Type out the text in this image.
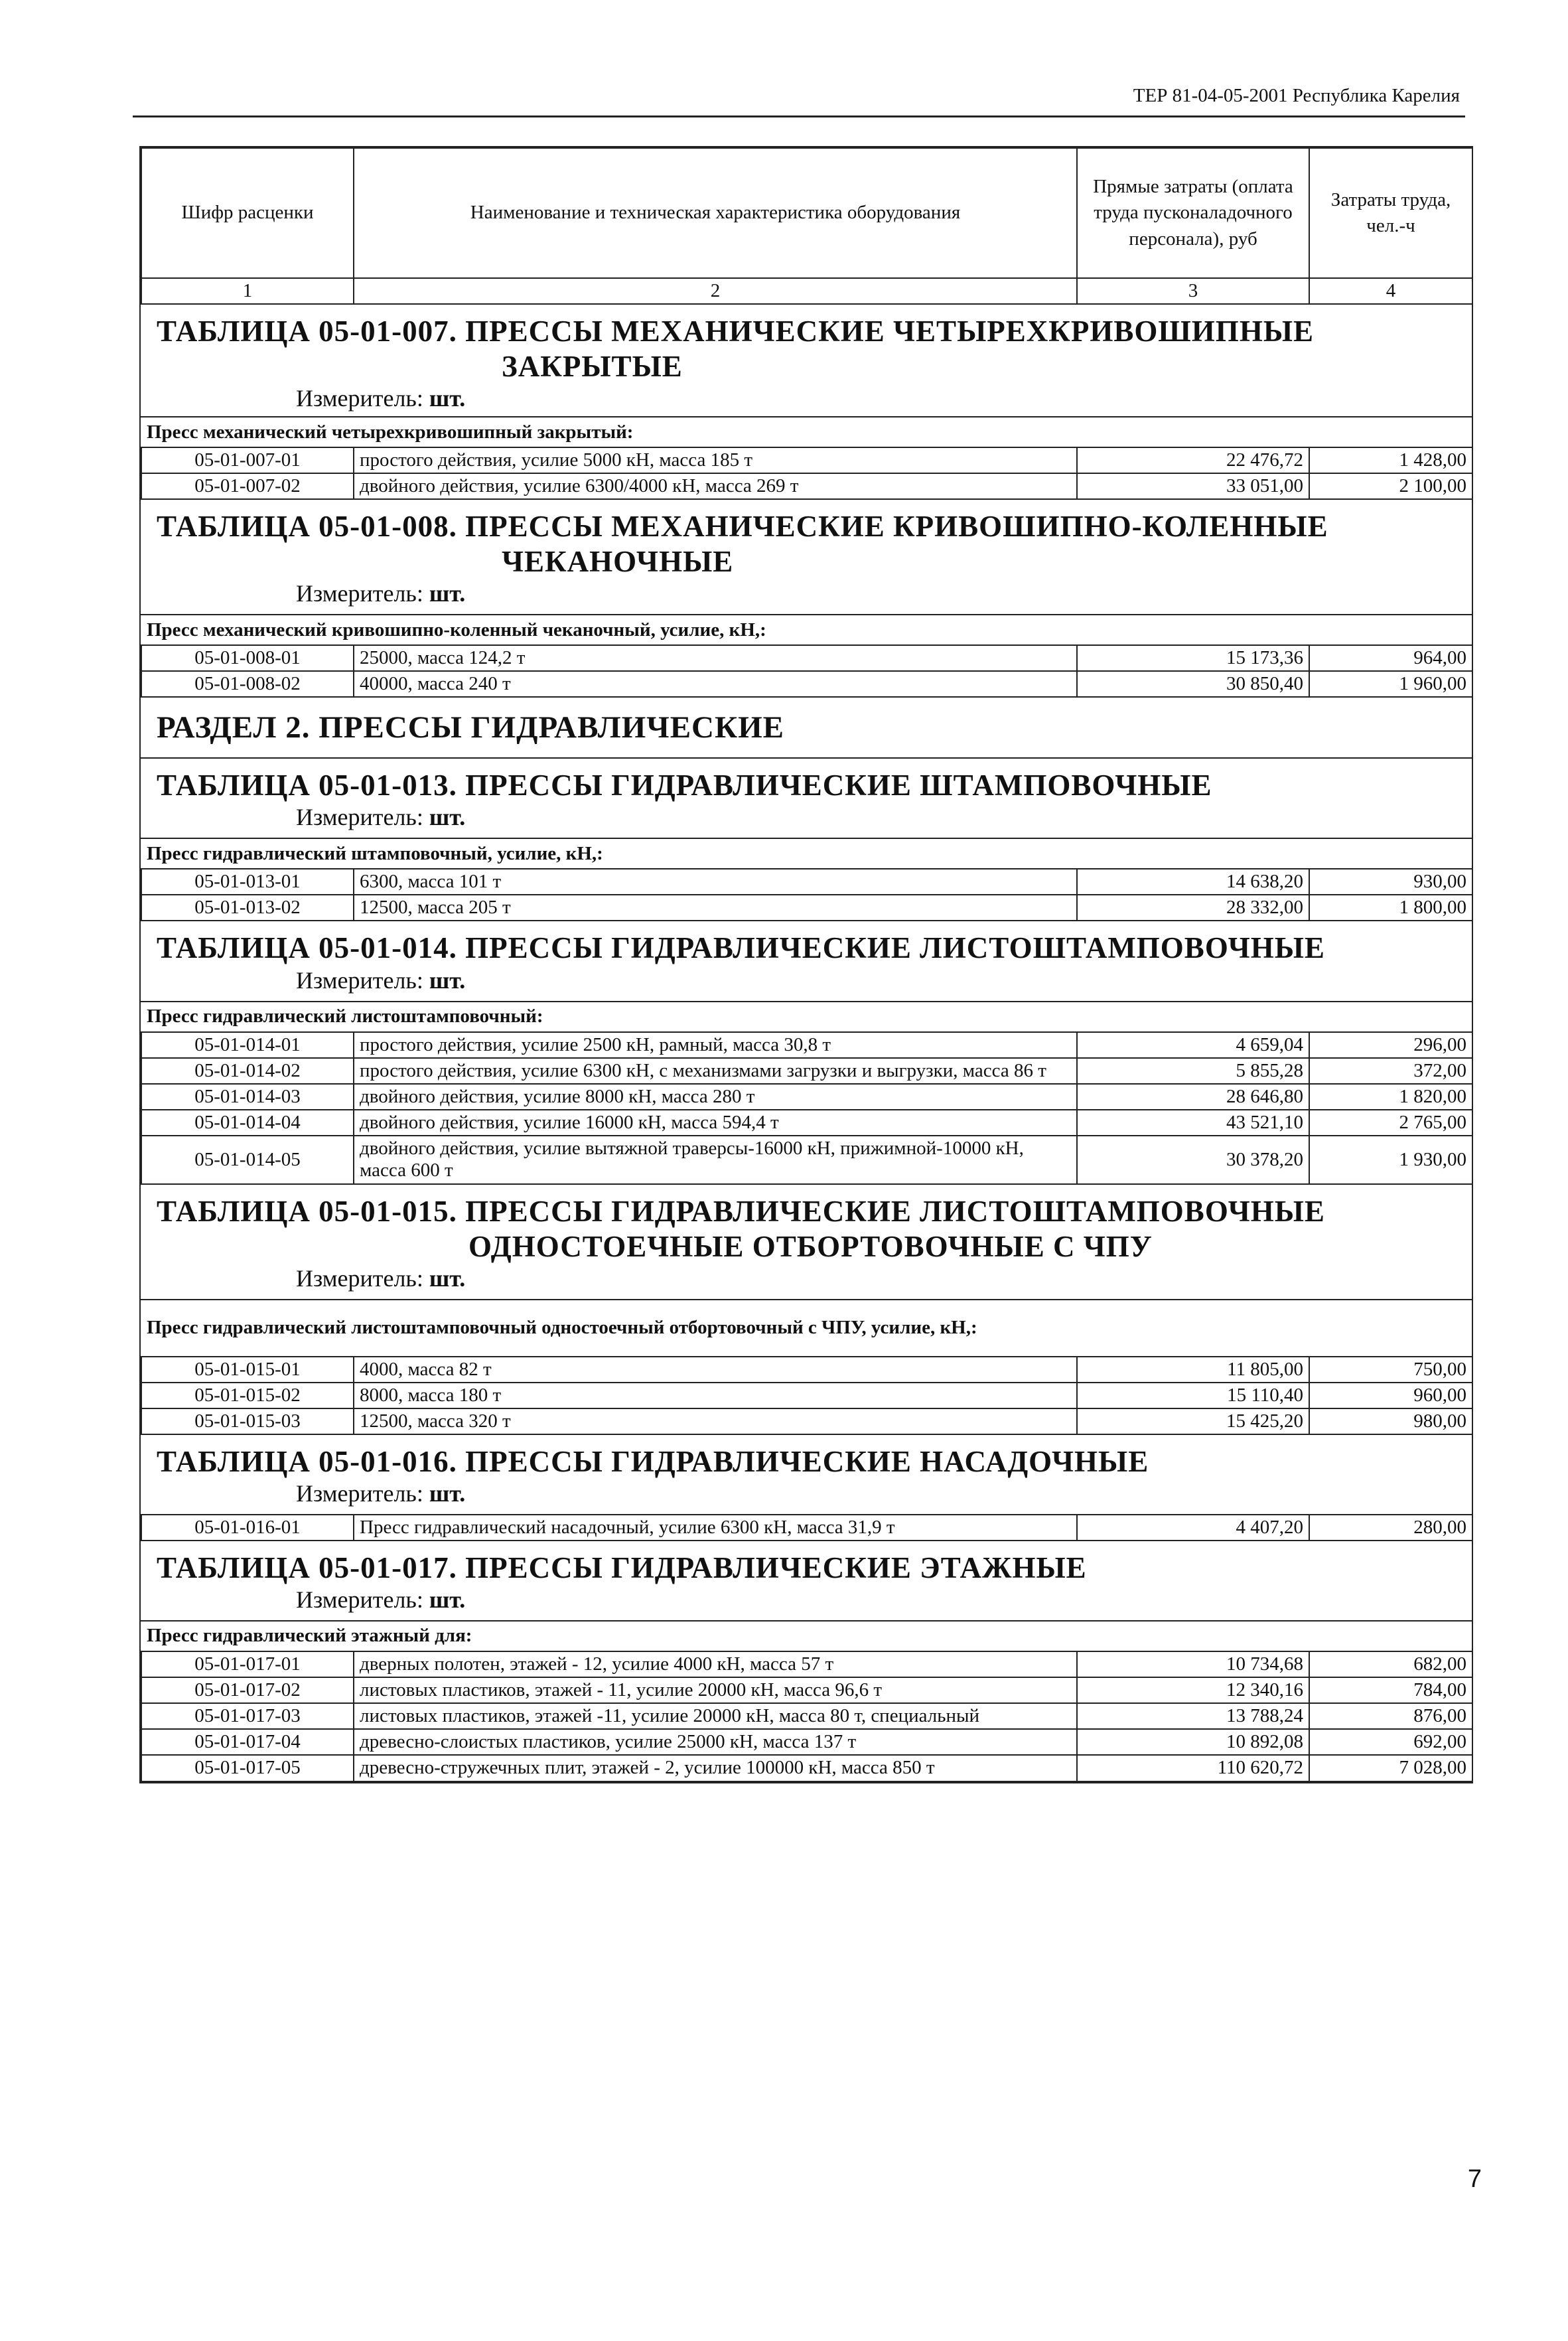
ТЕР 81-04-05-2001 Республика Карелия
Шифр расценки	Наименование и техническая характеристика оборудования	Прямые затраты (оплата труда пусконаладочного персонала), руб	Затраты труда, чел.-ч
1	2	3	4
ТАБЛИЦА 05-01-007. ПРЕССЫ МЕХАНИЧЕСКИЕ ЧЕТЫРЕХКРИВОШИПНЫЕ
ЗАКРЫТЫЕ
Измеритель: шт.
Пресс механический четырехкривошипный закрытый:			
05-01-007-01	простого действия, усилие 5000 кН, масса 185 т	22 476,72	1 428,00
05-01-007-02	двойного действия, усилие 6300/4000 кН, масса 269 т	33 051,00	2 100,00
ТАБЛИЦА 05-01-008. ПРЕССЫ МЕХАНИЧЕСКИЕ КРИВОШИПНО-КОЛЕННЫЕ
ЧЕКАНОЧНЫЕ
Измеритель: шт.
Пресс механический кривошипно-коленный чеканочный, усилие, кН,:			
05-01-008-01	25000, масса 124,2 т	15 173,36	964,00
05-01-008-02	40000, масса 240 т	30 850,40	1 960,00
РАЗДЕЛ 2. ПРЕССЫ ГИДРАВЛИЧЕСКИЕ
ТАБЛИЦА 05-01-013. ПРЕССЫ ГИДРАВЛИЧЕСКИЕ ШТАМПОВОЧНЫЕ
Измеритель: шт.
Пресс гидравлический штамповочный, усилие, кН,:			
05-01-013-01	6300, масса 101 т	14 638,20	930,00
05-01-013-02	12500, масса 205 т	28 332,00	1 800,00
ТАБЛИЦА 05-01-014. ПРЕССЫ ГИДРАВЛИЧЕСКИЕ ЛИСТОШТАМПОВОЧНЫЕ
Измеритель: шт.
Пресс гидравлический листоштамповочный:			
05-01-014-01	простого действия, усилие 2500 кН, рамный, масса 30,8 т	4 659,04	296,00
05-01-014-02	простого действия, усилие 6300 кН, с механизмами загрузки и выгрузки, масса 86 т	5 855,28	372,00
05-01-014-03	двойного действия, усилие 8000 кН, масса 280 т	28 646,80	1 820,00
05-01-014-04	двойного действия, усилие 16000 кН, масса 594,4 т	43 521,10	2 765,00
05-01-014-05	двойного действия, усилие вытяжной траверсы-16000 кН, прижимной-10000 кН, масса 600 т	30 378,20	1 930,00
ТАБЛИЦА 05-01-015. ПРЕССЫ ГИДРАВЛИЧЕСКИЕ ЛИСТОШТАМПОВОЧНЫЕ
ОДНОСТОЕЧНЫЕ ОТБОРТОВОЧНЫЕ С ЧПУ
Измеритель: шт.
Пресс гидравлический листоштамповочный одностоечный отбортовочный с ЧПУ, усилие, кН,:			
05-01-015-01	4000, масса 82 т	11 805,00	750,00
05-01-015-02	8000, масса 180 т	15 110,40	960,00
05-01-015-03	12500, масса 320 т	15 425,20	980,00
ТАБЛИЦА 05-01-016. ПРЕССЫ ГИДРАВЛИЧЕСКИЕ НАСАДОЧНЫЕ
Измеритель: шт.
05-01-016-01	Пресс гидравлический насадочный, усилие 6300 кН, масса 31,9 т	4 407,20	280,00
ТАБЛИЦА 05-01-017. ПРЕССЫ ГИДРАВЛИЧЕСКИЕ ЭТАЖНЫЕ
Измеритель: шт.
Пресс гидравлический этажный для:			
05-01-017-01	дверных полотен, этажей - 12, усилие 4000 кН, масса 57 т	10 734,68	682,00
05-01-017-02	листовых пластиков, этажей - 11, усилие 20000 кН, масса 96,6 т	12 340,16	784,00
05-01-017-03	листовых пластиков, этажей -11, усилие 20000 кН, масса 80 т, специальный	13 788,24	876,00
05-01-017-04	древесно-слоистых пластиков, усилие 25000 кН, масса 137 т	10 892,08	692,00
05-01-017-05	древесно-стружечных плит, этажей - 2, усилие 100000 кН, масса 850 т	110 620,72	7 028,00
7
